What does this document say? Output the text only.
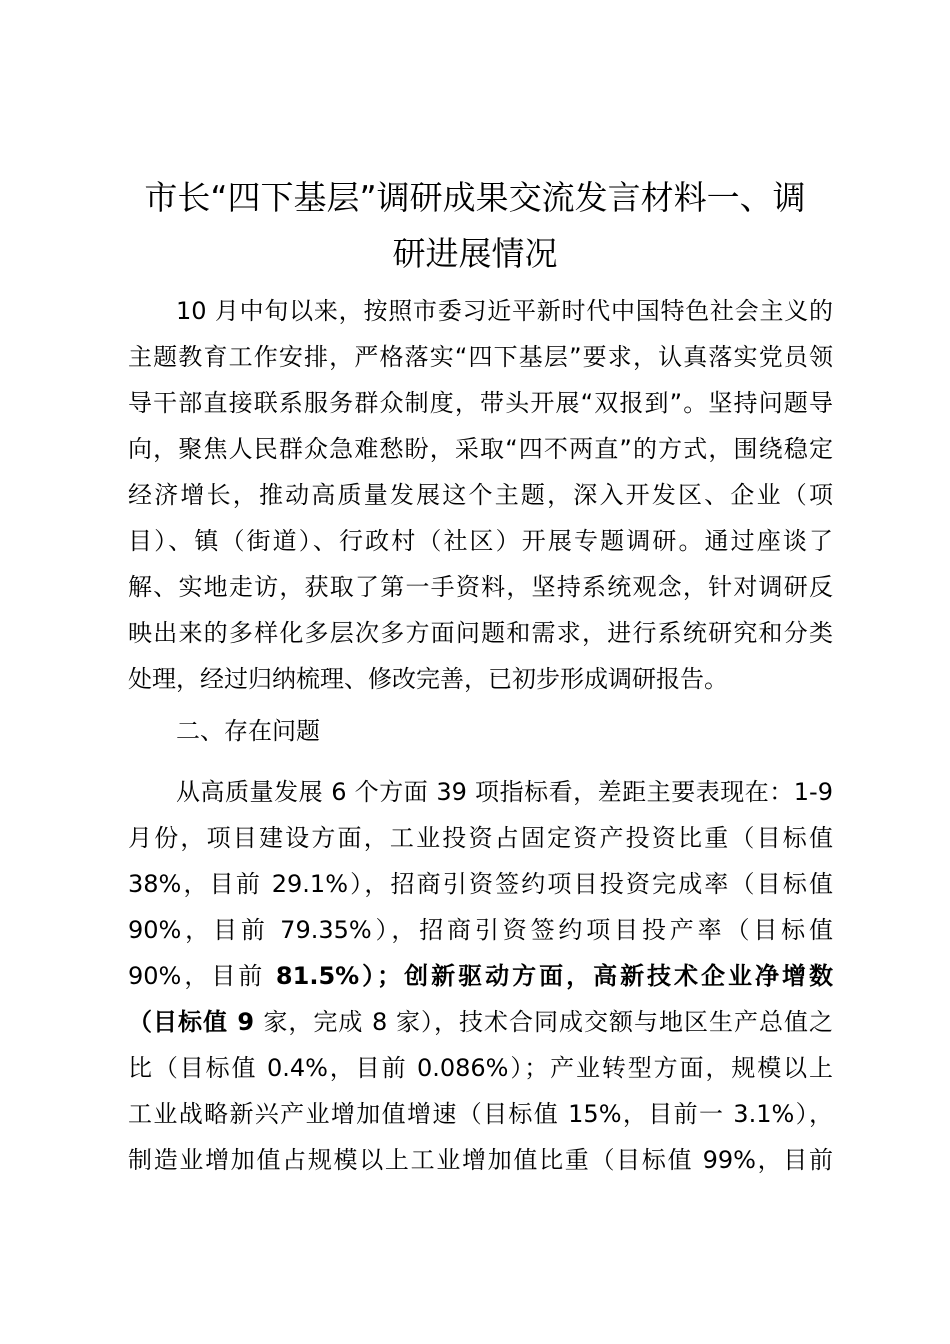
市长“四下基层”调研成果交流发言材料一、调
研进展情况
10 月中旬以来，按照市委习近平新时代中国特色社会主义的
主题教育工作安排，严格落实“四下基层”要求，认真落实党员领
导干部直接联系服务群众制度，带头开展“双报到”。坚持问题导
向，聚焦人民群众急难愁盼，采取“四不两直”的方式，围绕稳定
经济增长，推动高质量发展这个主题，深入开发区、企业（项
目）、镇（街道）、行政村（社区）开展专题调研。通过座谈了
解、实地走访，获取了第一手资料，坚持系统观念，针对调研反
映出来的多样化多层次多方面问题和需求，进行系统研究和分类
处理，经过归纳梳理、修改完善，已初步形成调研报告。
二、存在问题
从高质量发展 6 个方面 39 项指标看，差距主要表现在：1-9
月份，项目建设方面，工业投资占固定资产投资比重（目标值
38%，目前 29.1%），招商引资签约项目投资完成率（目标值
90%，目前 79.35%），招商引资签约项目投产率（目标值
90%，目前 81.5%）；创新驱动方面，高新技术企业净增数
（目标值 9 家，完成 8 家），技术合同成交额与地区生产总值之
比（目标值 0.4%，目前 0.086%）；产业转型方面，规模以上
工业战略新兴产业增加值增速（目标值 15%，目前一 3.1%），
制造业增加值占规模以上工业增加值比重（目标值 99%，目前
